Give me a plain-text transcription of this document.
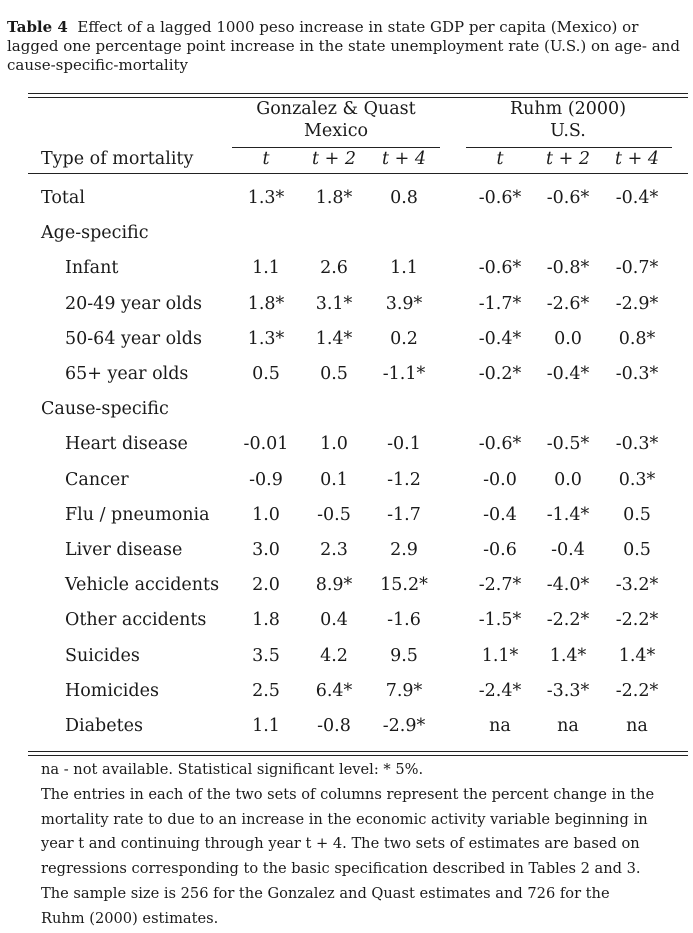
Table 4 Effect of a lagged 1000 peso increase in state GDP per capita (Mexico) or
lagged one percentage point increase in the state unemployment rate (U.S.) on age- and
cause-specific-mortality
Gonzalez & Quast
Mexico
Ruhm (2000)
U.S.
Type of mortality	t	t + 2	t + 4	t	t + 2	t + 4
Total	1.3*	1.8*	0.8	-0.6*	-0.6*	-0.4*
Age-specific
Infant	1.1	2.6	1.1	-0.6*	-0.8*	-0.7*
20-49 year olds	1.8*	3.1*	3.9*	-1.7*	-2.6*	-2.9*
50-64 year olds	1.3*	1.4*	0.2	-0.4*	0.0	0.8*
65+ year olds	0.5	0.5	-1.1*	-0.2*	-0.4*	-0.3*
Cause-specific
Heart disease	-0.01	1.0	-0.1	-0.6*	-0.5*	-0.3*
Cancer	-0.9	0.1	-1.2	-0.0	0.0	0.3*
Flu / pneumonia	1.0	-0.5	-1.7	-0.4	-1.4*	0.5
Liver disease	3.0	2.3	2.9	-0.6	-0.4	0.5
Vehicle accidents	2.0	8.9*	15.2*	-2.7*	-4.0*	-3.2*
Other accidents	1.8	0.4	-1.6	-1.5*	-2.2*	-2.2*
Suicides	3.5	4.2	9.5	1.1*	1.4*	1.4*
Homicides	2.5	6.4*	7.9*	-2.4*	-3.3*	-2.2*
Diabetes	1.1	-0.8	-2.9*	na	na	na

na - not available. Statistical significant level: * 5%.

The entries in each of the two sets of columns represent the percent change in the

mortality rate to due to an increase in the economic activity variable beginning in

year t and continuing through year t + 4. The two sets of estimates are based on

regressions corresponding to the basic specification described in Tables 2 and 3.

The sample size is 256 for the Gonzalez and Quast estimates and 726 for the

Ruhm (2000) estimates.
